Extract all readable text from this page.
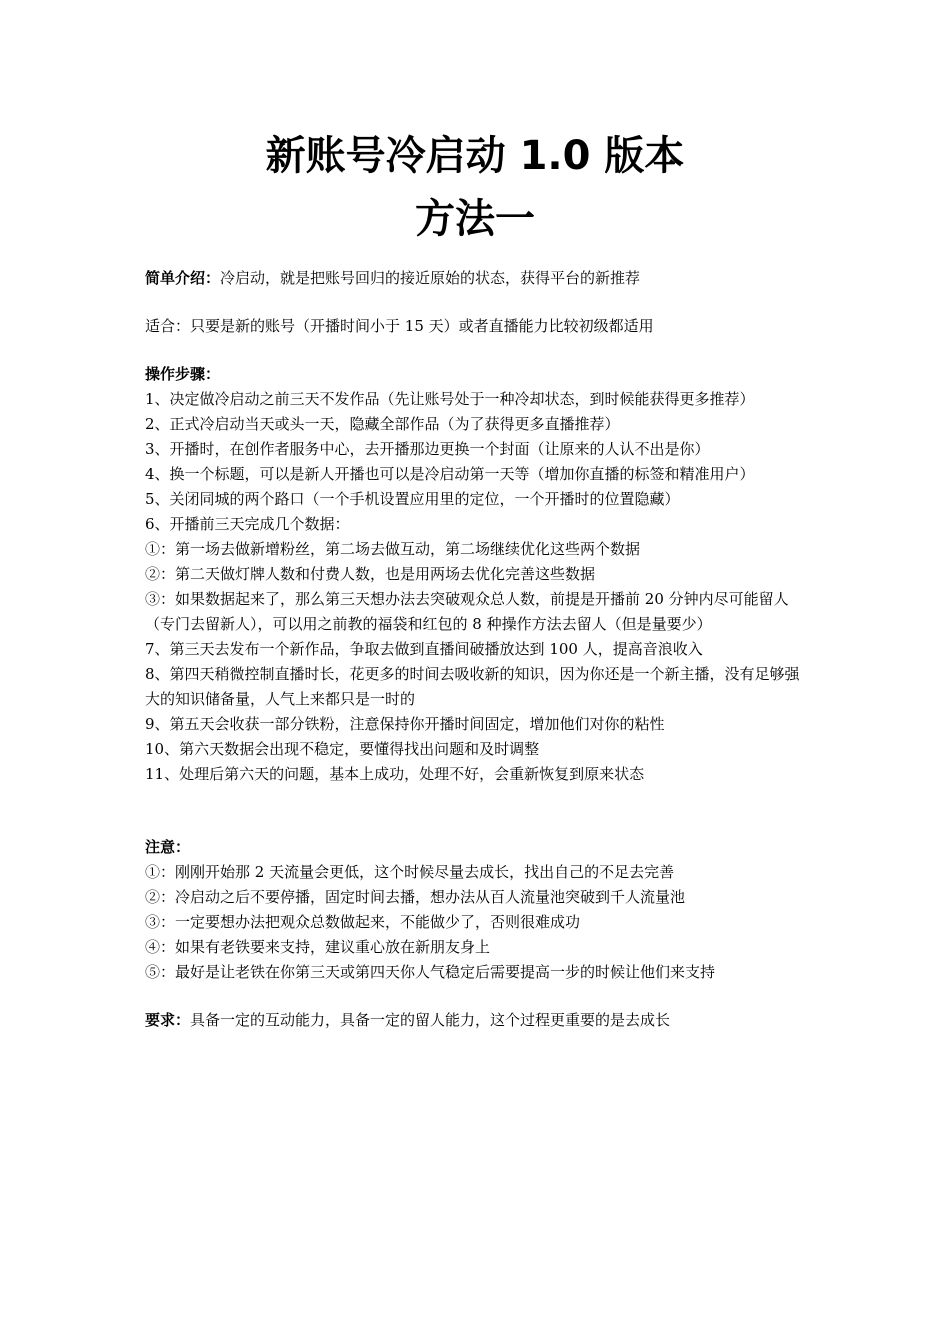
新账号冷启动 1.0 版本
方法一

简单介绍：冷启动，就是把账号回归的接近原始的状态，获得平台的新推荐

适合：只要是新的账号（开播时间小于 15 天）或者直播能力比较初级都适用

操作步骤：

1、决定做冷启动之前三天不发作品（先让账号处于一种冷却状态，到时候能获得更多推荐）
2、正式冷启动当天或头一天，隐藏全部作品（为了获得更多直播推荐）
3、开播时，在创作者服务中心，去开播那边更换一个封面（让原来的人认不出是你）
4、换一个标题，可以是新人开播也可以是冷启动第一天等（增加你直播的标签和精准用户）
5、关闭同城的两个路口（一个手机设置应用里的定位，一个开播时的位置隐藏）
6、开播前三天完成几个数据：
①：第一场去做新增粉丝，第二场去做互动，第二场继续优化这些两个数据
②：第二天做灯牌人数和付费人数，也是用两场去优化完善这些数据
③：如果数据起来了，那么第三天想办法去突破观众总人数，前提是开播前 20 分钟内尽可能留人（专门去留新人），可以用之前教的福袋和红包的 8 种操作方法去留人（但是量要少）
7、第三天去发布一个新作品，争取去做到直播间破播放达到 100 人，提高音浪收入
8、第四天稍微控制直播时长，花更多的时间去吸收新的知识，因为你还是一个新主播，没有足够强大的知识储备量，人气上来都只是一时的
9、第五天会收获一部分铁粉，注意保持你开播时间固定，增加他们对你的粘性
10、第六天数据会出现不稳定，要懂得找出问题和及时调整
11、处理后第六天的问题，基本上成功，处理不好，会重新恢复到原来状态

注意：

①：刚刚开始那 2 天流量会更低，这个时候尽量去成长，找出自己的不足去完善
②：冷启动之后不要停播，固定时间去播，想办法从百人流量池突破到千人流量池
③：一定要想办法把观众总数做起来，不能做少了，否则很难成功
④：如果有老铁要来支持，建议重心放在新朋友身上
⑤：最好是让老铁在你第三天或第四天你人气稳定后需要提高一步的时候让他们来支持

要求：具备一定的互动能力，具备一定的留人能力，这个过程更重要的是去成长
